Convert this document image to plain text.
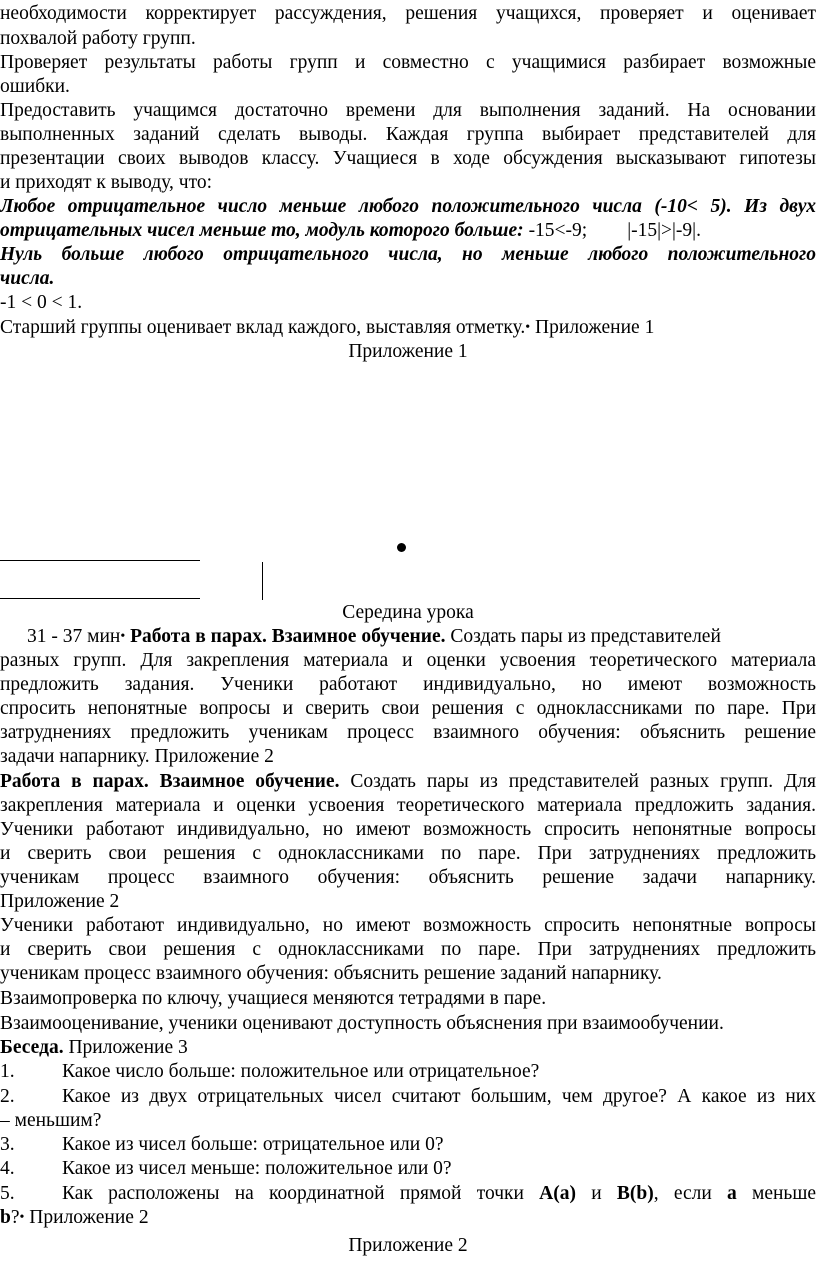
необходимости корректирует рассуждения, решения учащихся, проверяет и оценивает
похвалой работу групп.
Проверяет результаты работы групп и совместно с учащимися разбирает возможные
ошибки.
Предоставить учащимся достаточно времени для выполнения заданий. На основании
выполненных заданий сделать выводы. Каждая группа выбирает представителей для
презентации своих выводов классу. Учащиеся в ходе обсуждения высказывают гипотезы
и приходят к выводу, что:
Любое отрицательное число меньше любого положительного числа (-10< 5). Из двух
отрицательных чисел меньше то, модуль которого больше: -15<-9; |-15|>|-9|.
Нуль больше любого отрицательного числа, но меньше любого положительного
числа.
-1 < 0 < 1.
Старший группы оценивает вклад каждого, выставляя отметку.• Приложение 1
Приложение 1
Середина урока
31 - 37 мин• Работа в парах. Взаимное обучение. Создать пары из представителей
разных групп. Для закрепления материала и оценки усвоения теоретического материала
предложить задания. Ученики работают индивидуально, но имеют возможность
спросить непонятные вопросы и сверить свои решения с одноклассниками по паре. При
затруднениях предложить ученикам процесс взаимного обучения: объяснить решение
задачи напарнику. Приложение 2
Работа в парах. Взаимное обучение. Создать пары из представителей разных групп. Для
закрепления материала и оценки усвоения теоретического материала предложить задания.
Ученики работают индивидуально, но имеют возможность спросить непонятные вопросы
и сверить свои решения с одноклассниками по паре. При затруднениях предложить
ученикам процесс взаимного обучения: объяснить решение задачи напарнику.
Приложение 2
Ученики работают индивидуально, но имеют возможность спросить непонятные вопросы
и сверить свои решения с одноклассниками по паре. При затруднениях предложить
ученикам процесс взаимного обучения: объяснить решение заданий напарнику.
Взаимопроверка по ключу, учащиеся меняются тетрадями в паре.
Взаимооценивание, ученики оценивают доступность объяснения при взаимообучении.
Беседа. Приложение 3
1. Какое число больше: положительное или отрицательное?
2. Какое из двух отрицательных чисел считают большим, чем другое? А какое из них
– меньшим?
3. Какое из чисел больше: отрицательное или 0?
4. Какое из чисел меньше: положительное или 0?
5. Как расположены на координатной прямой точки A(a) и B(b), если а меньше
b?• Приложение 2
Приложение 2
